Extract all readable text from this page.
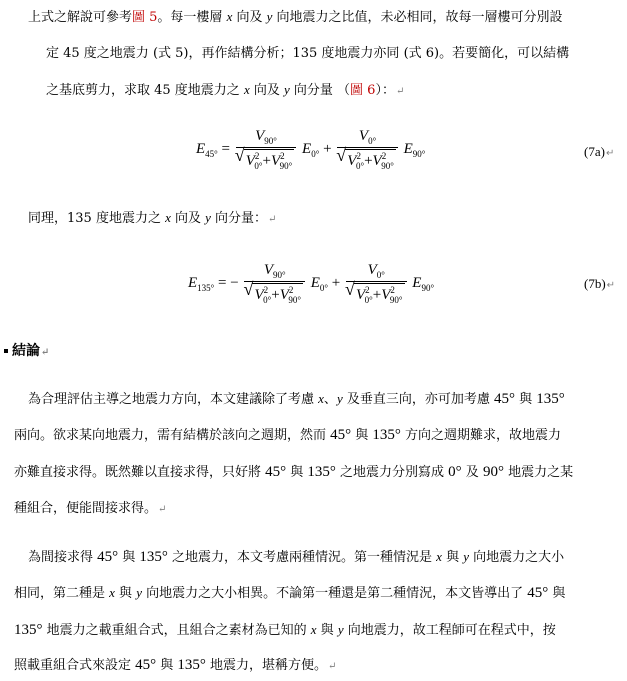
上式之解說可參考圖 5。每一樓層 x 向及 y 向地震力之比值，未必相同，故每一層樓可分別設
定 45 度之地震力 (式 5)，再作結構分析；135 度地震力亦同 (式 6)。若要簡化，可以結構
之基底剪力，求取 45 度地震力之 x 向及 y 向分量 （圖 6）：↵
$E_{45^\circ} = V_{90^\circ}$
√ $V^2_{0^\circ}+V^2_{90^\circ}$ $E_{0^\circ} + V_{0^\circ}$
√ $V^2_{0^\circ}+V^2_{90^\circ}$ $E_{90^\circ}$	(7a)↵
同理，135 度地震力之 x 向及 y 向分量：↵
$E_{135^\circ}$ = − $V_{90^\circ}$
√ $V^2_{0^\circ}+V^2_{90^\circ}$ $E_{0^\circ} + V_{0^\circ}$
√ $V^2_{0^\circ}+V^2_{90^\circ}$ $E_{90^\circ}$	(7b)↵
結論↵
為合理評估主導之地震力方向，本文建議除了考慮 x、y 及垂直三向，亦可加考慮 45° 與 135°
兩向。欲求某向地震力，需有結構於該向之週期，然而 45° 與 135° 方向之週期難求，故地震力
亦難直接求得。既然難以直接求得，只好將 45° 與 135° 之地震力分別寫成 0° 及 90° 地震力之某
種組合，便能間接求得。↵
為間接求得 45° 與 135° 之地震力，本文考慮兩種情況。第一種情況是 x 與 y 向地震力之大小
相同，第二種是 x 與 y 向地震力之大小相異。不論第一種還是第二種情況，本文皆導出了 45° 與
135° 地震力之載重組合式，且組合之素材為已知的 x 與 y 向地震力，故工程師可在程式中，按
照載重組合式來設定 45° 與 135° 地震力，堪稱方便。↵
